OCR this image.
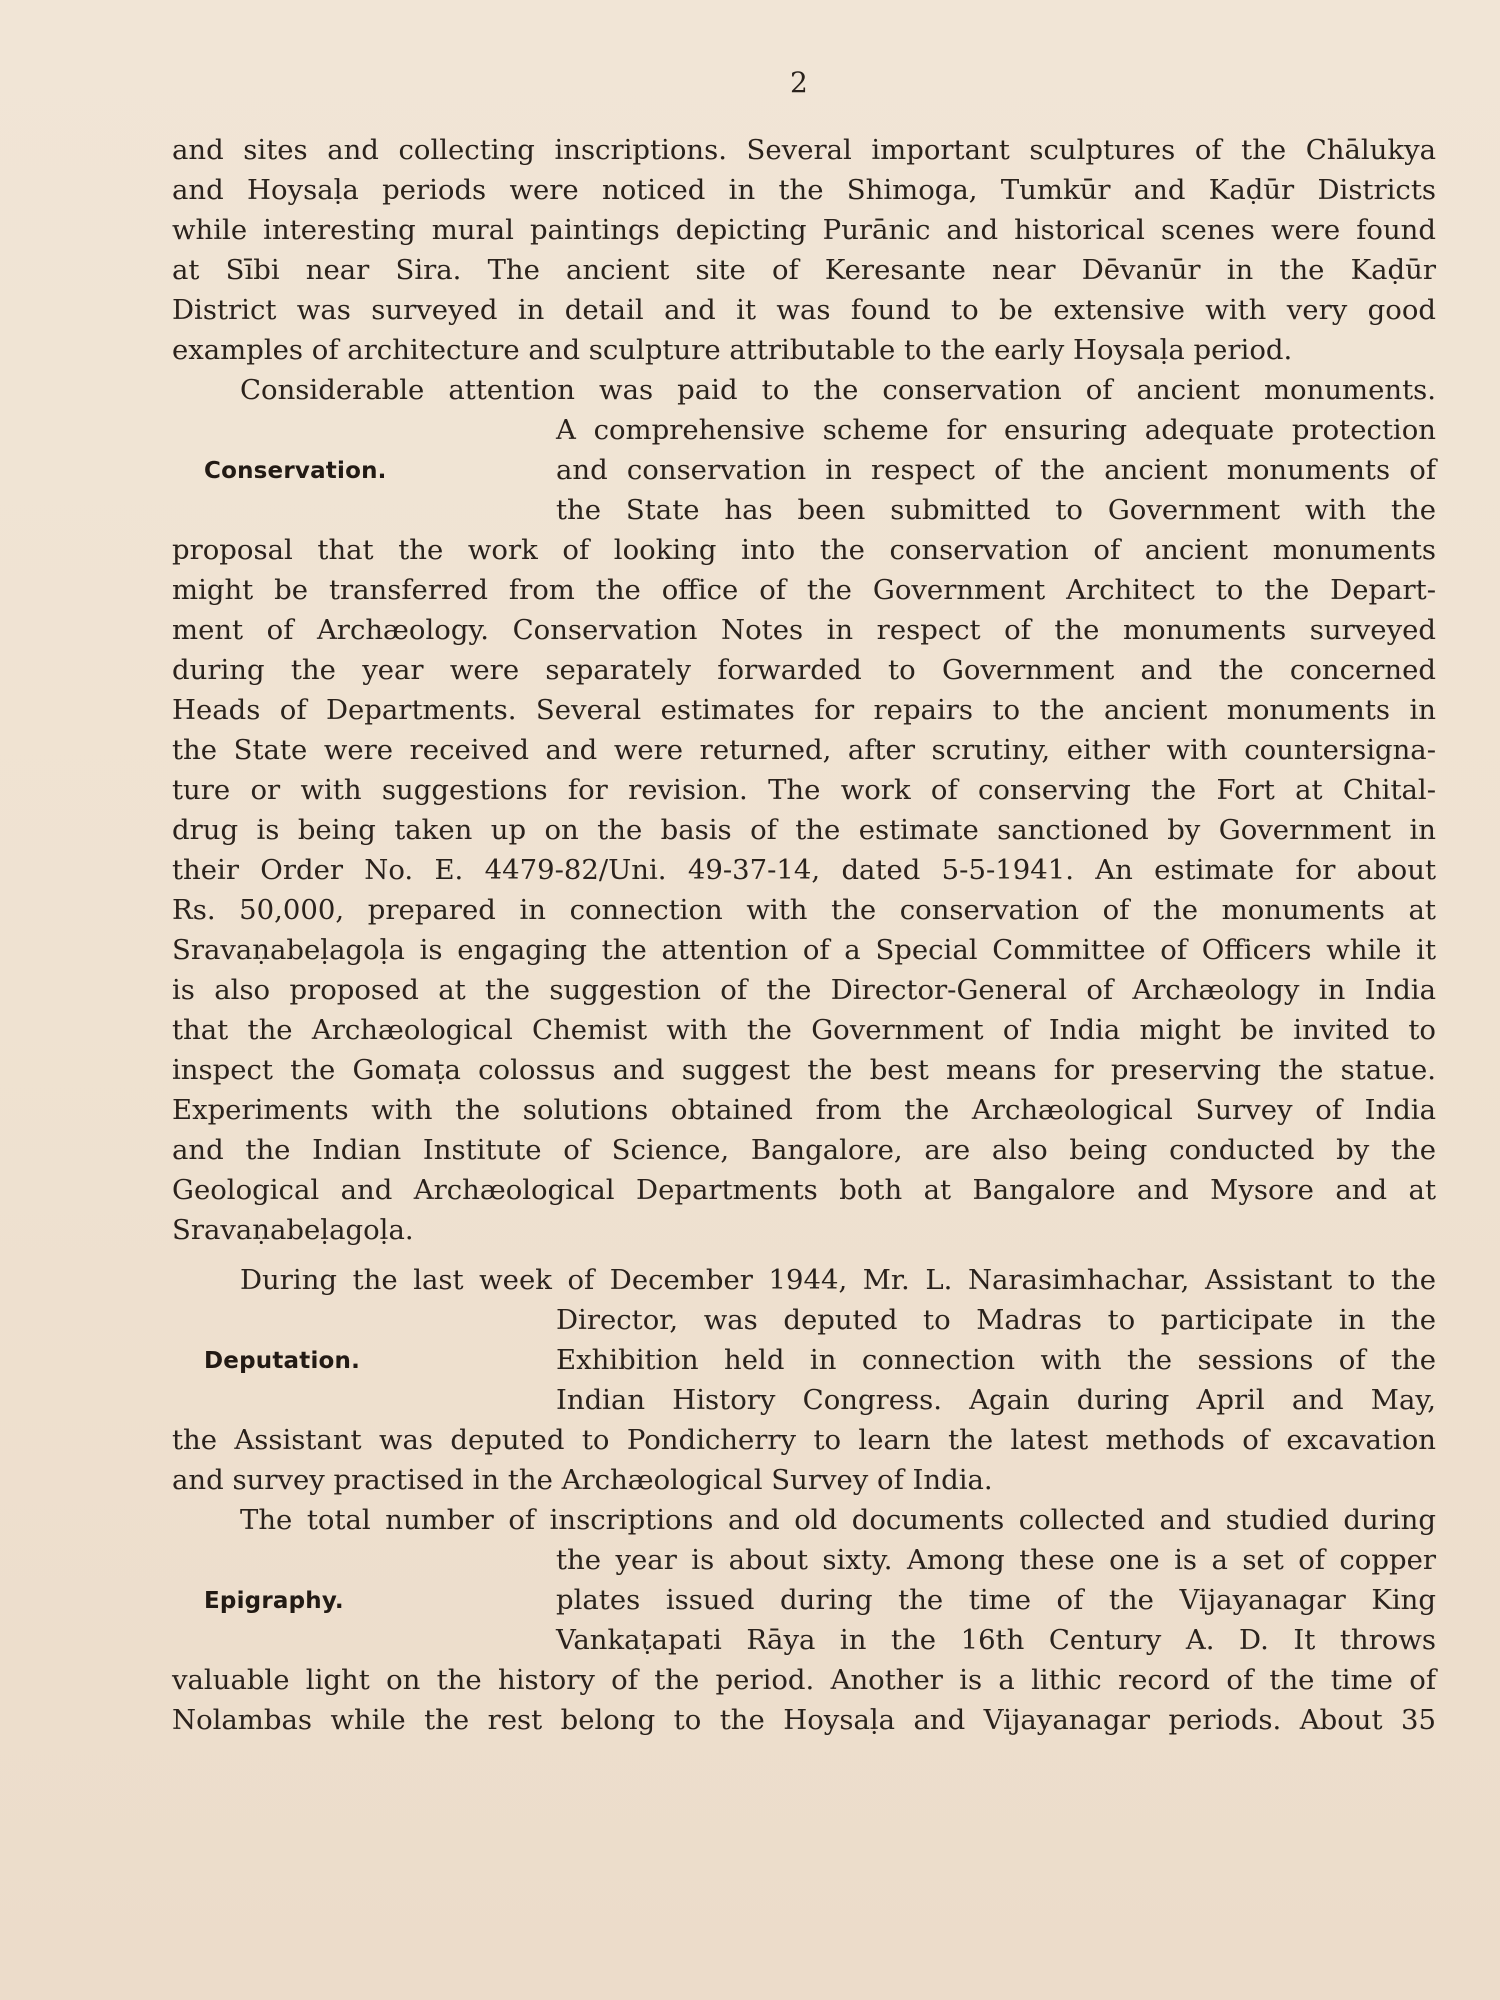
2
and sites and collecting inscriptions. Several important sculptures of the Chālukya
and Hoysaḷa periods were noticed in the Shimoga, Tumkūr and Kaḍūr Districts
while interesting mural paintings depicting Purānic and historical scenes were found
at Sībi near Sira. The ancient site of Keresante near Dēvanūr in the Kaḍūr
District was surveyed in detail and it was found to be extensive with very good
examples of architecture and sculpture attributable to the early Hoysaḷa period.
Considerable attention was paid to the conservation of ancient monuments.
A comprehensive scheme for ensuring adequate protection
Conservation.	and conservation in respect of the ancient monuments of
the State has been submitted to Government with the
proposal that the work of looking into the conservation of ancient monuments
might be transferred from the office of the Government Architect to the Depart-
ment of Archæology. Conservation Notes in respect of the monuments surveyed
during the year were separately forwarded to Government and the concerned
Heads of Departments. Several estimates for repairs to the ancient monuments in
the State were received and were returned, after scrutiny, either with countersigna-
ture or with suggestions for revision. The work of conserving the Fort at Chital-
drug is being taken up on the basis of the estimate sanctioned by Government in
their Order No. E. 4479-82/Uni. 49-37-14, dated 5-5-1941. An estimate for about
Rs. 50,000, prepared in connection with the conservation of the monuments at
Sravaṇabeḷagoḷa is engaging the attention of a Special Committee of Officers while it
is also proposed at the suggestion of the Director-General of Archæology in India
that the Archæological Chemist with the Government of India might be invited to
inspect the Gomaṭa colossus and suggest the best means for preserving the statue.
Experiments with the solutions obtained from the Archæological Survey of India
and the Indian Institute of Science, Bangalore, are also being conducted by the
Geological and Archæological Departments both at Bangalore and Mysore and at
Sravaṇabeḷagoḷa.
During the last week of December 1944, Mr. L. Narasimhachar, Assistant to the
Director, was deputed to Madras to participate in the
Deputation.	Exhibition held in connection with the sessions of the
Indian History Congress. Again during April and May,
the Assistant was deputed to Pondicherry to learn the latest methods of excavation
and survey practised in the Archæological Survey of India.
The total number of inscriptions and old documents collected and studied during
the year is about sixty. Among these one is a set of copper
Epigraphy.	plates issued during the time of the Vijayanagar King
Vankaṭapati Rāya in the 16th Century A. D. It throws
valuable light on the history of the period. Another is a lithic record of the time of
Nolambas while the rest belong to the Hoysaḷa and Vijayanagar periods. About 35
